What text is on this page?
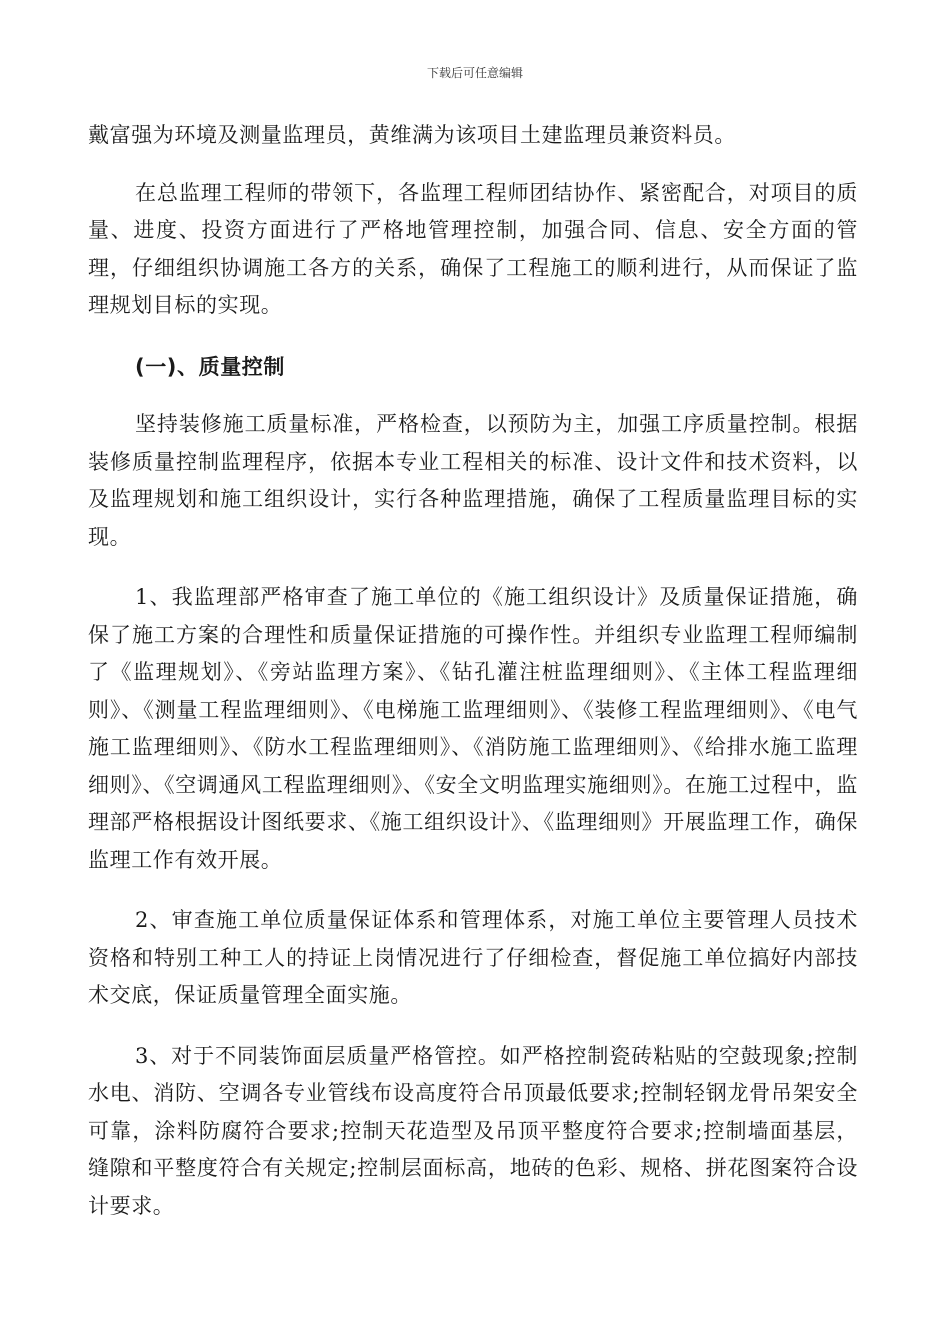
下载后可任意编辑

戴富强为环境及测量监理员，黄维满为该项目土建监理员兼资料员。

在总监理工程师的带领下，各监理工程师团结协作、紧密配合，对项目的质量、进度、投资方面进行了严格地管理控制，加强合同、信息、安全方面的管理，仔细组织协调施工各方的关系，确保了工程施工的顺利进行，从而保证了监理规划目标的实现。

(一)、质量控制

坚持装修施工质量标准，严格检查，以预防为主，加强工序质量控制。根据装修质量控制监理程序，依据本专业工程相关的标准、设计文件和技术资料，以及监理规划和施工组织设计，实行各种监理措施，确保了工程质量监理目标的实现。

1、我监理部严格审查了施工单位的《施工组织设计》及质量保证措施，确保了施工方案的合理性和质量保证措施的可操作性。并组织专业监理工程师编制了《监理规划》、《旁站监理方案》、《钻孔灌注桩监理细则》、《主体工程监理细则》、《测量工程监理细则》、《电梯施工监理细则》、《装修工程监理细则》、《电气施工监理细则》、《防水工程监理细则》、《消防施工监理细则》、《给排水施工监理细则》、《空调通风工程监理细则》、《安全文明监理实施细则》。在施工过程中，监理部严格根据设计图纸要求、《施工组织设计》、《监理细则》开展监理工作，确保监理工作有效开展。

2、审查施工单位质量保证体系和管理体系，对施工单位主要管理人员技术资格和特别工种工人的持证上岗情况进行了仔细检查，督促施工单位搞好内部技术交底，保证质量管理全面实施。

3、对于不同装饰面层质量严格管控。如严格控制瓷砖粘贴的空鼓现象;控制水电、消防、空调各专业管线布设高度符合吊顶最低要求;控制轻钢龙骨吊架安全可靠，涂料防腐符合要求;控制天花造型及吊顶平整度符合要求;控制墙面基层，缝隙和平整度符合有关规定;控制层面标高，地砖的色彩、规格、拼花图案符合设计要求。
